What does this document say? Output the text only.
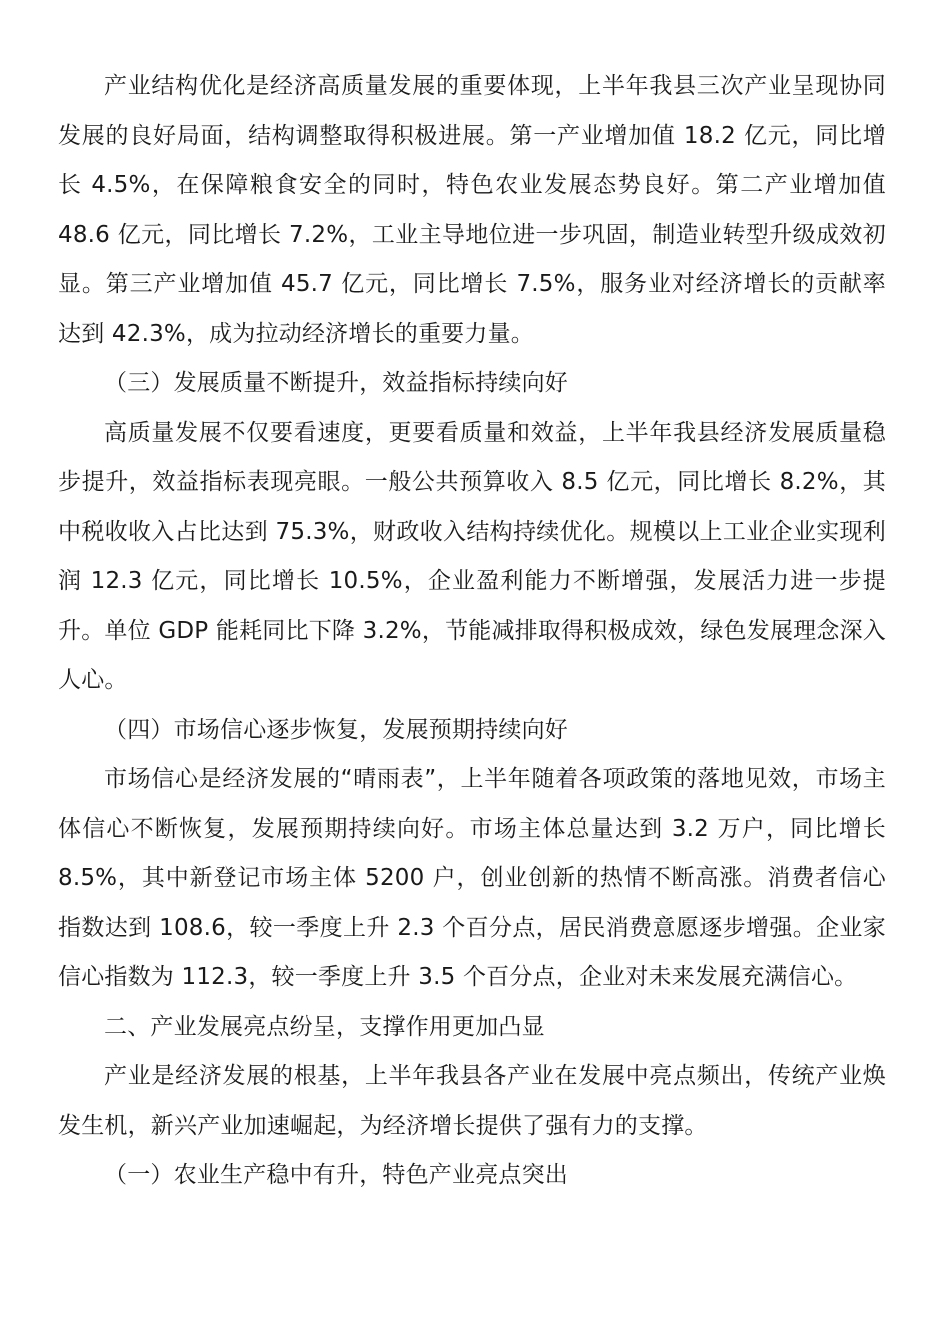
产业结构优化是经济高质量发展的重要体现，上半年我县三次产业呈现协同发展的良好局面，结构调整取得积极进展。第一产业增加值 18.2 亿元，同比增长 4.5%，在保障粮食安全的同时，特色农业发展态势良好。第二产业增加值 48.6 亿元，同比增长 7.2%，工业主导地位进一步巩固，制造业转型升级成效初显。第三产业增加值 45.7 亿元，同比增长 7.5%，服务业对经济增长的贡献率达到 42.3%，成为拉动经济增长的重要力量。

（三）发展质量不断提升，效益指标持续向好

高质量发展不仅要看速度，更要看质量和效益，上半年我县经济发展质量稳步提升，效益指标表现亮眼。一般公共预算收入 8.5 亿元，同比增长 8.2%，其中税收收入占比达到 75.3%，财政收入结构持续优化。规模以上工业企业实现利润 12.3 亿元，同比增长 10.5%，企业盈利能力不断增强，发展活力进一步提升。单位 GDP 能耗同比下降 3.2%，节能减排取得积极成效，绿色发展理念深入人心。

（四）市场信心逐步恢复，发展预期持续向好

市场信心是经济发展的“晴雨表”，上半年随着各项政策的落地见效，市场主体信心不断恢复，发展预期持续向好。市场主体总量达到 3.2 万户，同比增长 8.5%，其中新登记市场主体 5200 户，创业创新的热情不断高涨。消费者信心指数达到 108.6，较一季度上升 2.3 个百分点，居民消费意愿逐步增强。企业家信心指数为 112.3，较一季度上升 3.5 个百分点，企业对未来发展充满信心。

二、产业发展亮点纷呈，支撑作用更加凸显

产业是经济发展的根基，上半年我县各产业在发展中亮点频出，传统产业焕发生机，新兴产业加速崛起，为经济增长提供了强有力的支撑。

（一）农业生产稳中有升，特色产业亮点突出
